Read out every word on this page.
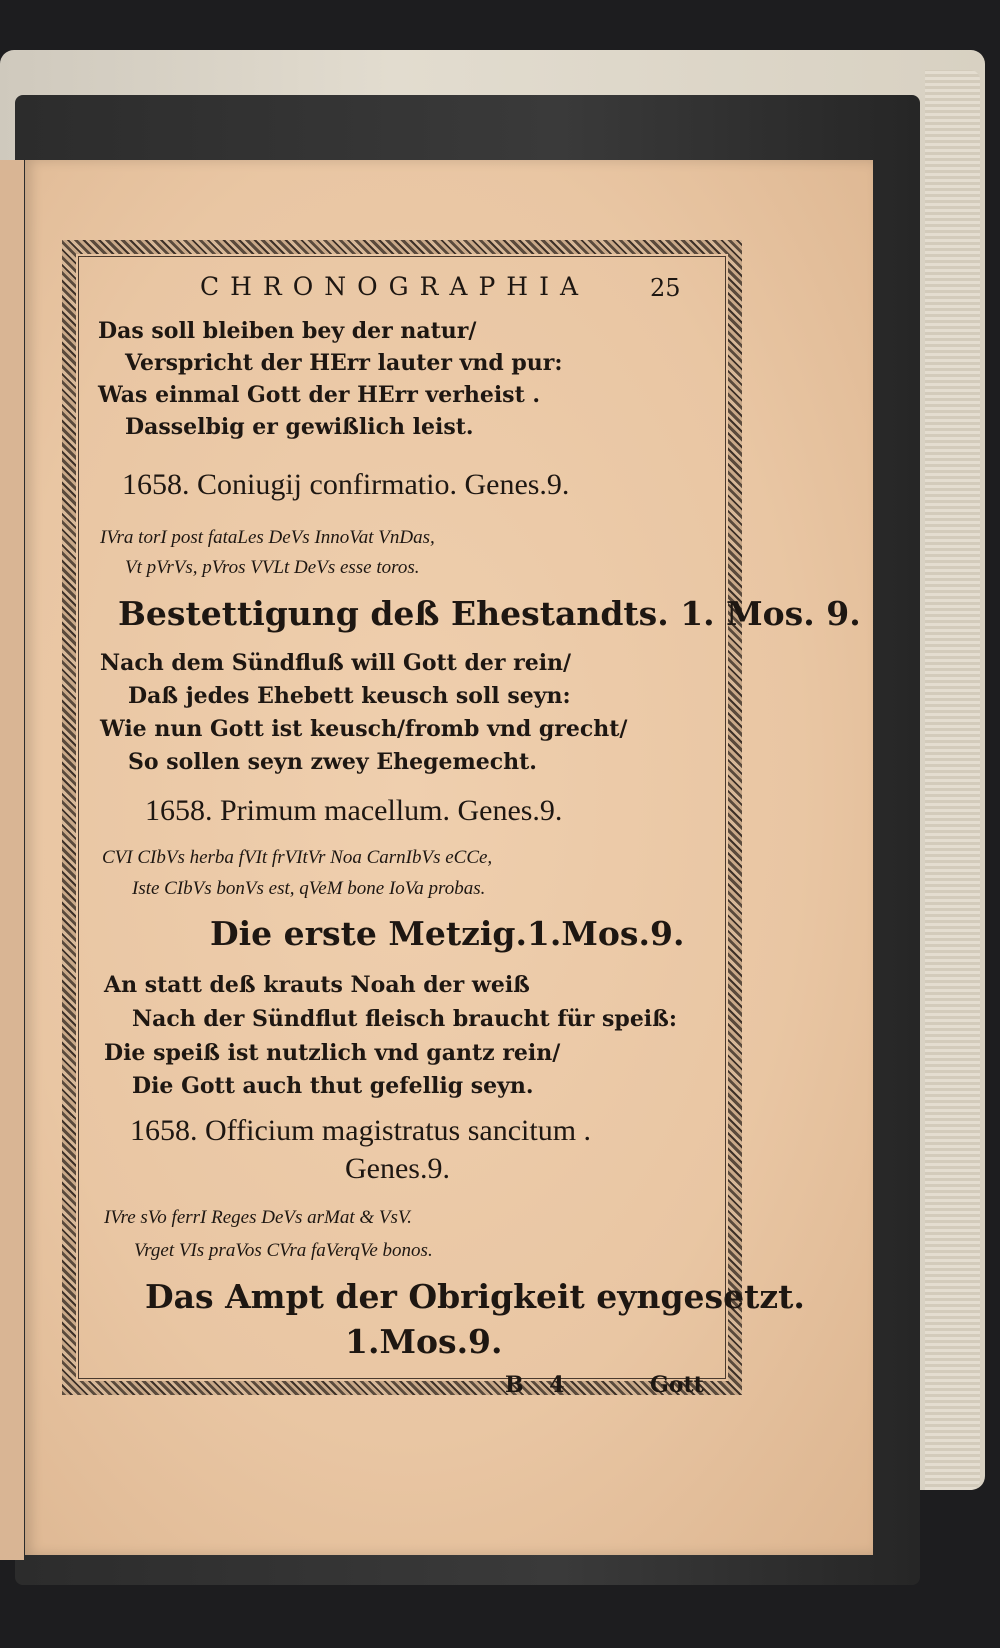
CHRONOGRAPHIA	25
Das soll bleiben bey der natur/
Verspricht der HErr lauter vnd pur:
Was einmal Gott der HErr verheist .
Dasselbig er gewißlich leist.
1658. Coniugij confirmatio. Genes.9.
IVra torI post fataLes DeVs InnoVat VnDas,
Vt pVrVs, pVros VVLt DeVs esse toros.
Bestettigung deß Ehestandts. 1. Mos. 9.
Nach dem Sündfluß will Gott der rein/
Daß jedes Ehebett keusch soll seyn:
Wie nun Gott ist keusch/fromb vnd grecht/
So sollen seyn zwey Ehegemecht.
1658. Primum macellum. Genes.9.
CVI CIbVs herba fVIt frVItVr Noa CarnIbVs eCCe,
Iste CIbVs bonVs est, qVeM bone IoVa probas.
Die erste Metzig.1.Mos.9.
An statt deß krauts Noah der weiß
Nach der Sündflut fleisch braucht für speiß:
Die speiß ist nutzlich vnd gantz rein/
Die Gott auch thut gefellig seyn.
1658. Officium magistratus sancitum .
Genes.9.
IVre sVo ferrI Reges DeVs arMat & VsV.
Vrget VIs praVos CVra faVerqVe bonos.
Das Ampt der Obrigkeit eyngesetzt.
1.Mos.9.
B 4	Gott
